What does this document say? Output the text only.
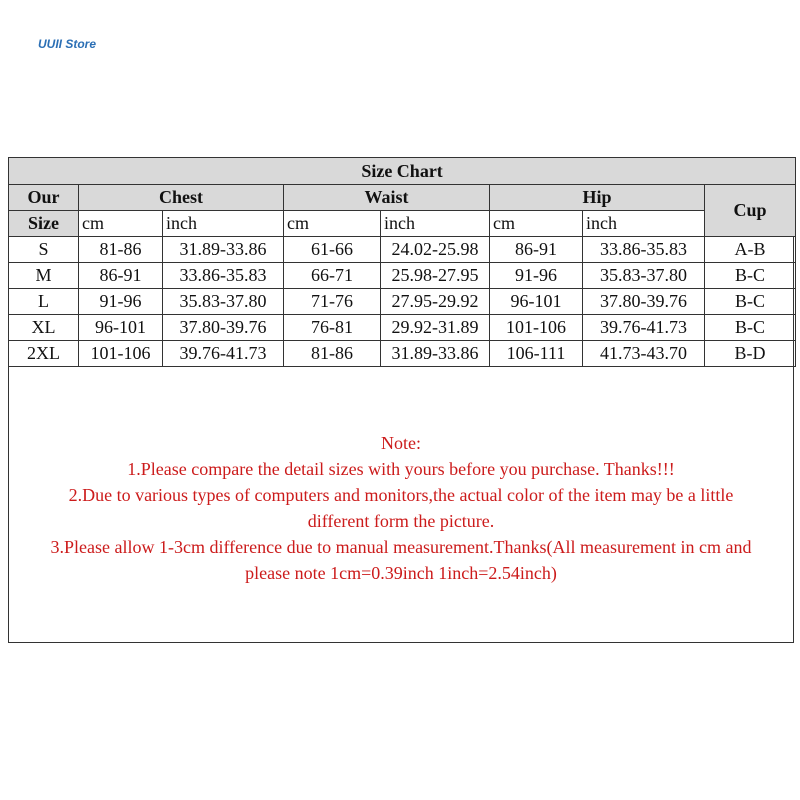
UUII Store
Size Chart							
Our	Chest		Waist		Hip		Cup
Size	cm	inch	cm	inch	cm	inch	
S	81-86	31.89-33.86	61-66	24.02-25.98	86-91	33.86-35.83	A-B
M	86-91	33.86-35.83	66-71	25.98-27.95	91-96	35.83-37.80	B-C
L	91-96	35.83-37.80	71-76	27.95-29.92	96-101	37.80-39.76	B-C
XL	96-101	37.80-39.76	76-81	29.92-31.89	101-106	39.76-41.73	B-C
2XL	101-106	39.76-41.73	81-86	31.89-33.86	106-111	41.73-43.70	B-D
Note:
1.Please compare the detail sizes with yours before you purchase. Thanks!!!
2.Due to various types of computers and monitors,the actual color of the item may be a little
different form the picture.
3.Please allow 1-3cm difference due to manual measurement.Thanks(All measurement in cm and
please note 1cm=0.39inch 1inch=2.54inch)
